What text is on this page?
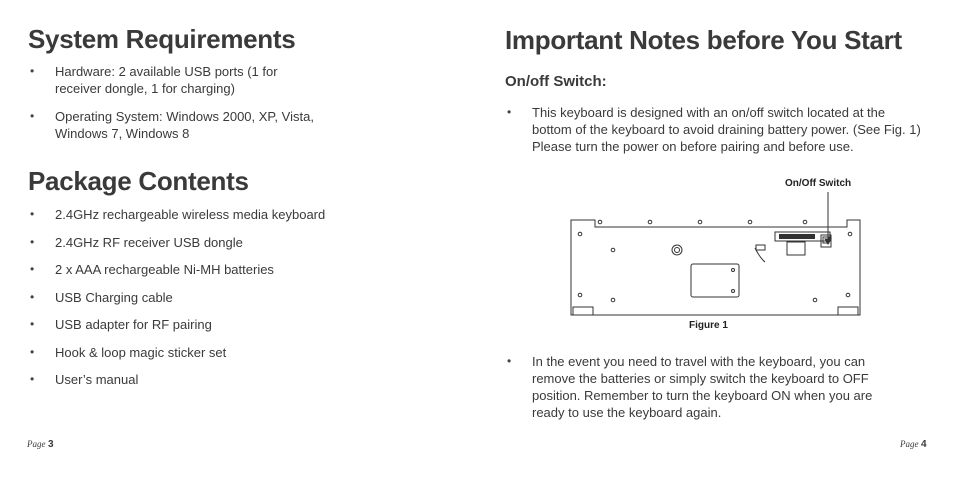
System Requirements
• Hardware: 2 available USB ports (1 for receiver dongle, 1 for charging)
• Operating System: Windows 2000, XP, Vista, Windows 7, Windows 8
Package Contents
• 2.4GHz rechargeable wireless media keyboard
• 2.4GHz RF receiver USB dongle
• 2 x AAA rechargeable Ni-MH batteries
• USB Charging cable
• USB adapter for RF pairing
• Hook & loop magic sticker set
• User’s manual
Page 3
Important Notes before You Start
On/off Switch:
• This keyboard is designed with an on/off switch located at the bottom of the keyboard to avoid draining battery power. (See Fig. 1) Please turn the power on before pairing and before use.
On/Off Switch
Figure 1
• In the event you need to travel with the keyboard, you can remove the batteries or simply switch the keyboard to OFF position. Remember to turn the keyboard ON when you are ready to use the keyboard again.
Page 4
